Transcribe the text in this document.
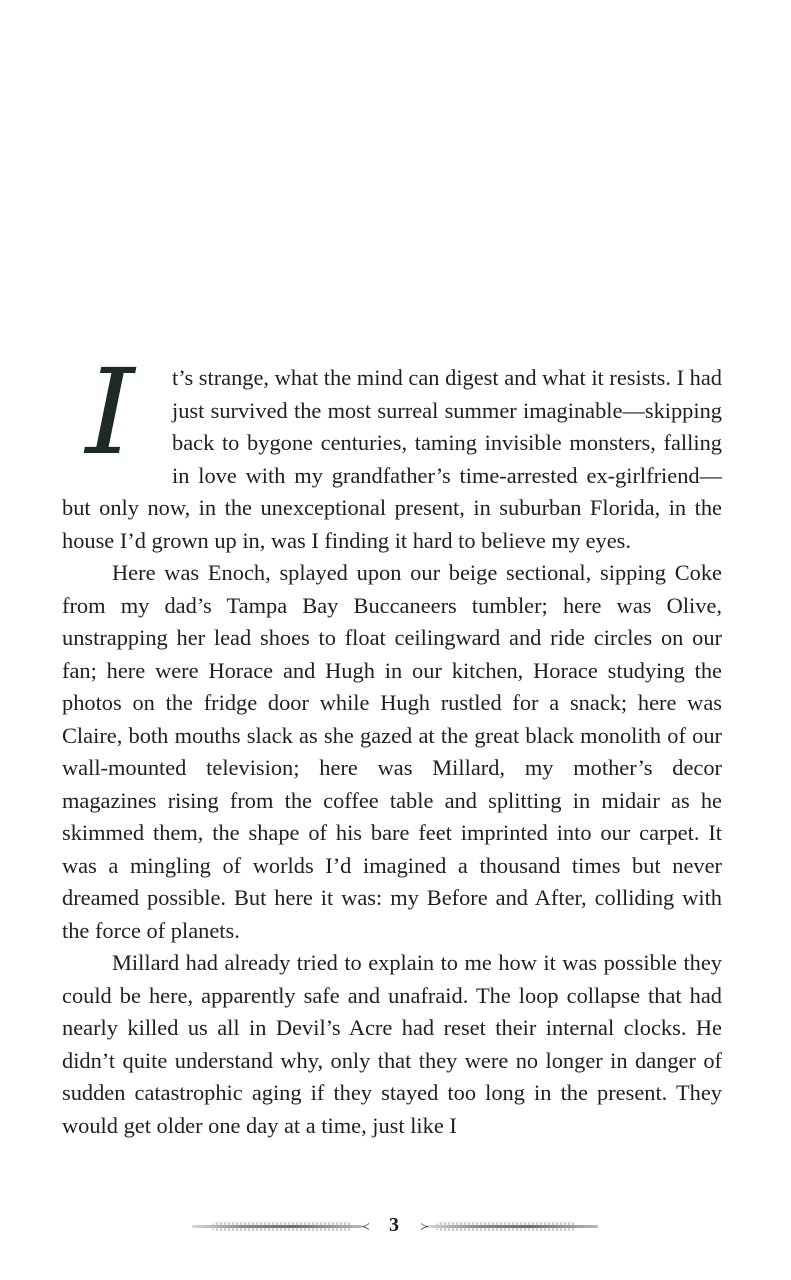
I	t’s strange, what the mind can digest and what it resists. I had just survived the most surreal summer imaginable—skipping back to bygone centuries, taming invisible monsters, falling in love with my grandfather’s time-arrested ex-girlfriend—but only now, in the unexceptional present, in suburban Florida, in the house I’d grown up in, was I finding it hard to believe my eyes.

Here was Enoch, splayed upon our beige sectional, sipping Coke from my dad’s Tampa Bay Buccaneers tumbler; here was Olive, unstrapping her lead shoes to float ceilingward and ride circles on our fan; here were Horace and Hugh in our kitchen, Horace studying the photos on the fridge door while Hugh rustled for a snack; here was Claire, both mouths slack as she gazed at the great black monolith of our wall-mounted television; here was Millard, my mother’s decor magazines rising from the coffee table and splitting in midair as he skimmed them, the shape of his bare feet imprinted into our carpet. It was a mingling of worlds I’d imagined a thousand times but never dreamed possible. But here it was: my Before and After, colliding with the force of planets.

Millard had already tried to explain to me how it was possible they could be here, apparently safe and unafraid. The loop collapse that had nearly killed us all in Devil’s Acre had reset their internal clocks. He didn’t quite understand why, only that they were no longer in danger of sudden catastrophic aging if they stayed too long in the present. They would get older one day at a time, just like I

≺ 3	≻
